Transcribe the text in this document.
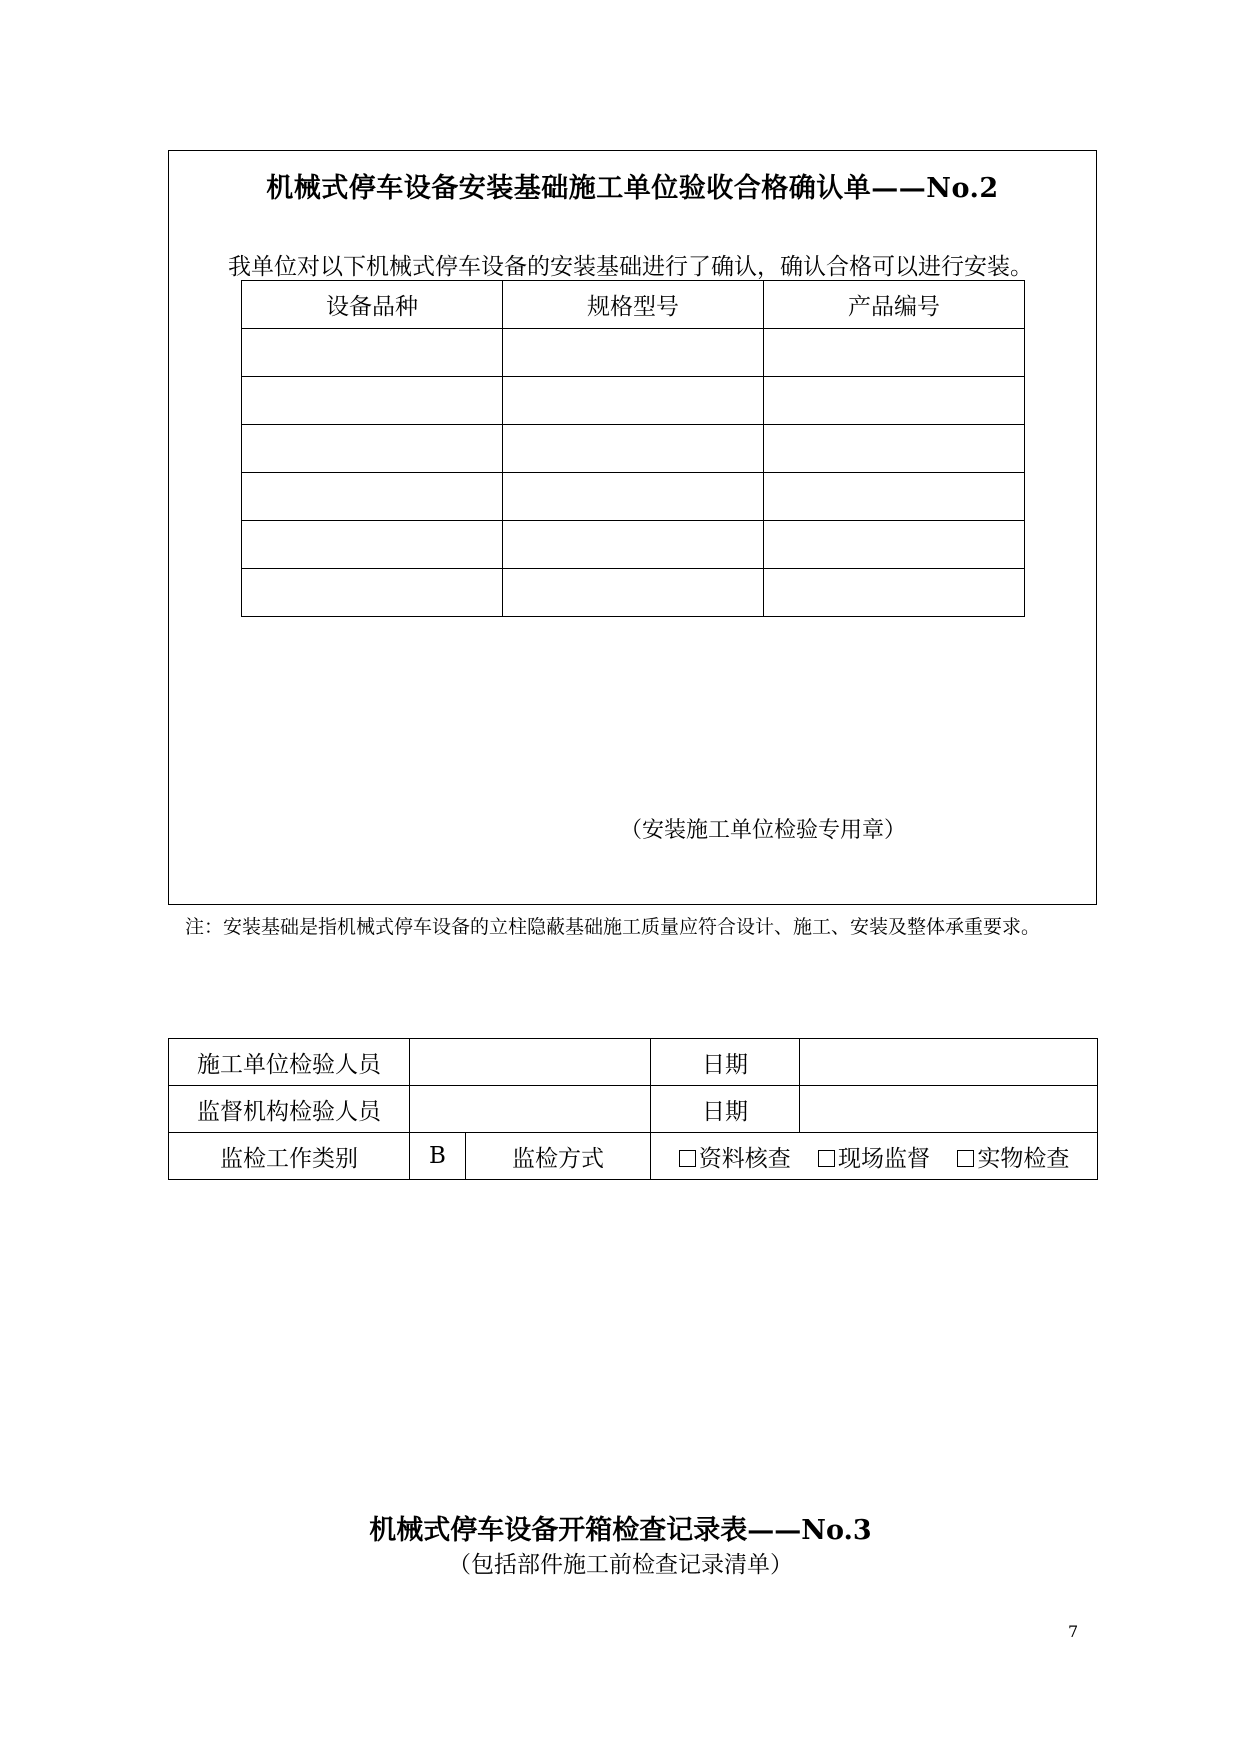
机械式停车设备安装基础施工单位验收合格确认单——No.2
我单位对以下机械式停车设备的安装基础进行了确认，确认合格可以进行安装。
设备品种	规格型号	产品编号

（安装施工单位检验专用章）
注：安装基础是指机械式停车设备的立柱隐蔽基础施工质量应符合设计、施工、安装及整体承重要求。
施工单位检验人员			日期	
监督机构检验人员			日期	
监检工作类别	B	监检方式	资料核查 现场监督 实物检查	
机械式停车设备开箱检查记录表——No.3
（包括部件施工前检查记录清单）
7
